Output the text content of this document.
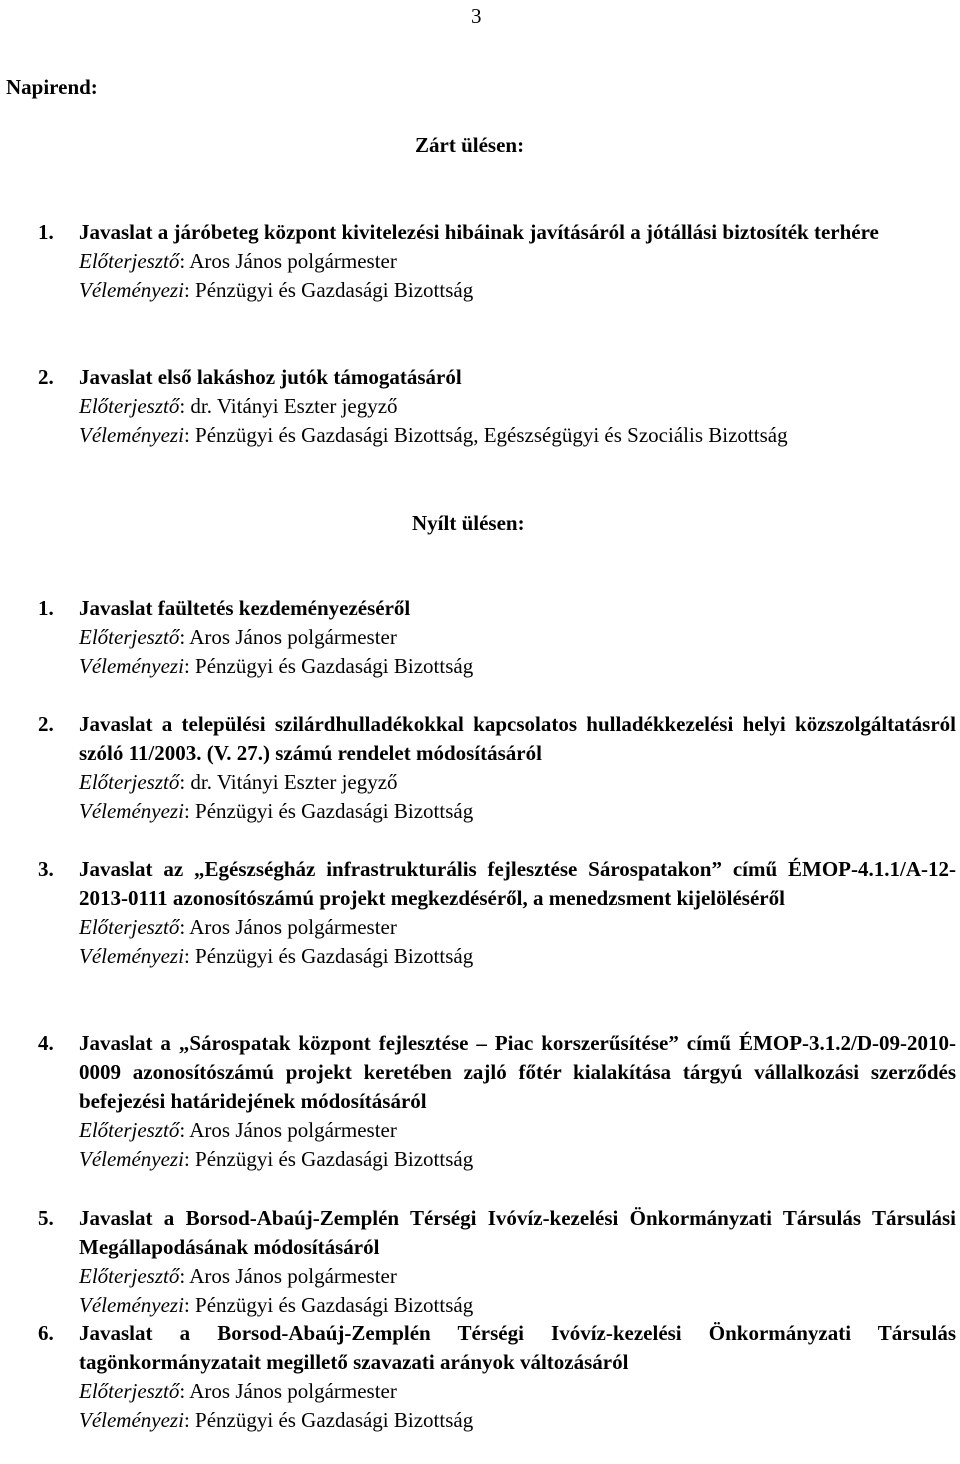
3
Napirend:
Zárt ülésen:
1. Javaslat a járóbeteg központ kivitelezési hibáinak javításáról a jótállási biztosíték terhére
Előterjesztő: Aros János polgármester
Véleményezi: Pénzügyi és Gazdasági Bizottság
2. Javaslat első lakáshoz jutók támogatásáról
Előterjesztő: dr. Vitányi Eszter jegyző
Véleményezi: Pénzügyi és Gazdasági Bizottság, Egészségügyi és Szociális Bizottság
Nyílt ülésen:
1. Javaslat faültetés kezdeményezéséről
Előterjesztő: Aros János polgármester
Véleményezi: Pénzügyi és Gazdasági Bizottság
2. Javaslat a települési szilárdhulladékokkal kapcsolatos hulladékkezelési helyi közszolgáltatásról szóló 11/2003. (V. 27.) számú rendelet módosításáról
Előterjesztő: dr. Vitányi Eszter jegyző
Véleményezi: Pénzügyi és Gazdasági Bizottság
3. Javaslat az „Egészségház infrastrukturális fejlesztése Sárospatakon” című ÉMOP-4.1.1/A-12-2013-0111 azonosítószámú projekt megkezdéséről, a menedzsment kijelöléséről
Előterjesztő: Aros János polgármester
Véleményezi: Pénzügyi és Gazdasági Bizottság
4. Javaslat a „Sárospatak központ fejlesztése – Piac korszerűsítése” című ÉMOP-3.1.2/D-09-2010-0009 azonosítószámú projekt keretében zajló főtér kialakítása tárgyú vállalkozási szerződés befejezési határidejének módosításáról
Előterjesztő: Aros János polgármester
Véleményezi: Pénzügyi és Gazdasági Bizottság
5. Javaslat a Borsod-Abaúj-Zemplén Térségi Ivóvíz-kezelési Önkormányzati Társulás Társulási Megállapodásának módosításáról
Előterjesztő: Aros János polgármester
Véleményezi: Pénzügyi és Gazdasági Bizottság
6. Javaslat a Borsod-Abaúj-Zemplén Térségi Ivóvíz-kezelési Önkormányzati Társulás tagönkormányzatait megillető szavazati arányok változásáról
Előterjesztő: Aros János polgármester
Véleményezi: Pénzügyi és Gazdasági Bizottság
